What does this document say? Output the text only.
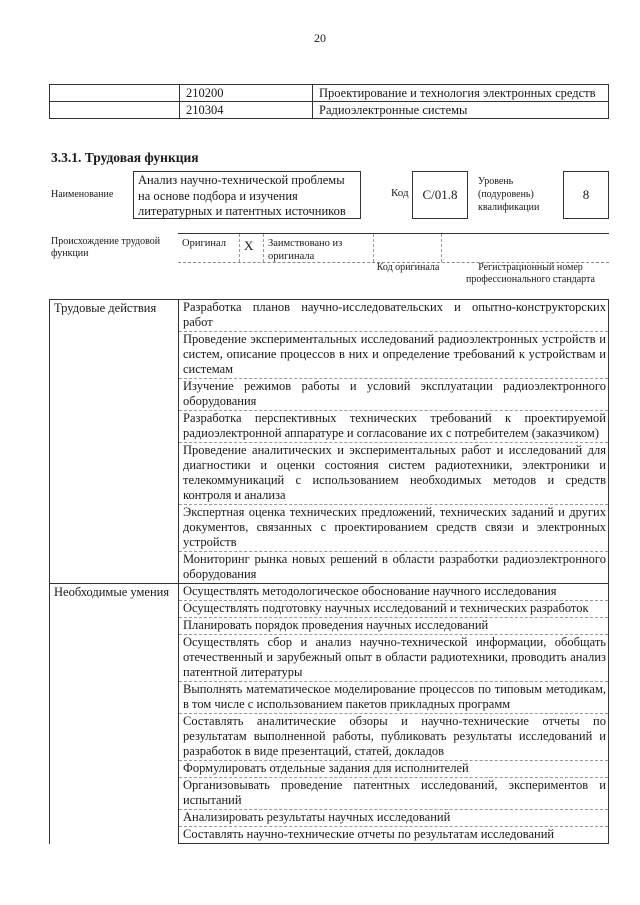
20
	210200	Проектирование и технология электронных средств
	210304	Радиоэлектронные системы
3.3.1. Трудовая функция
Наименование
Анализ научно-технической проблемы на основе подбора и изучения литературных и патентных источников
Код	С/01.8
Уровень (подуровень) квалификации
8
Происхождение трудовой функции
Оригинал	X	Заимствовано из оригинала
Код оригинала	Регистрационный номер профессионального стандарта
Трудовые действия	Разработка планов научно-исследовательских и опытно-конструкторских работ	
	Проведение экспериментальных исследований радиоэлектронных устройств и систем, описание процессов в них и определение требований к устройствам и системам	
	Изучение режимов работы и условий эксплуатации радиоэлектронного оборудования	
	Разработка перспективных технических требований к проектируемой радиоэлектронной аппаратуре и согласование их с потребителем (заказчиком)	
	Проведение аналитических и экспериментальных работ и исследований для диагностики и оценки состояния систем радиотехники, электроники и телекоммуникаций с использованием необходимых методов и средств контроля и анализа	
	Экспертная оценка технических предложений, технических заданий и других документов, связанных с проектированием средств связи и электронных устройств	
	Мониторинг рынка новых решений в области разработки радиоэлектронного оборудования	
Необходимые умения	Осуществлять методологическое обоснование научного исследования	
	Осуществлять подготовку научных исследований и технических разработок	
	Планировать порядок проведения научных исследований	
	Осуществлять сбор и анализ научно-технической информации, обобщать отечественный и зарубежный опыт в области радиотехники, проводить анализ патентной литературы	
	Выполнять математическое моделирование процессов по типовым методикам, в том числе с использованием пакетов прикладных программ	
	Составлять аналитические обзоры и научно-технические отчеты по результатам выполненной работы, публиковать результаты исследований и разработок в виде презентаций, статей, докладов	
	Формулировать отдельные задания для исполнителей	
	Организовывать проведение патентных исследований, экспериментов и испытаний	
	Анализировать результаты научных исследований	
	Составлять научно-технические отчеты по результатам исследований	
